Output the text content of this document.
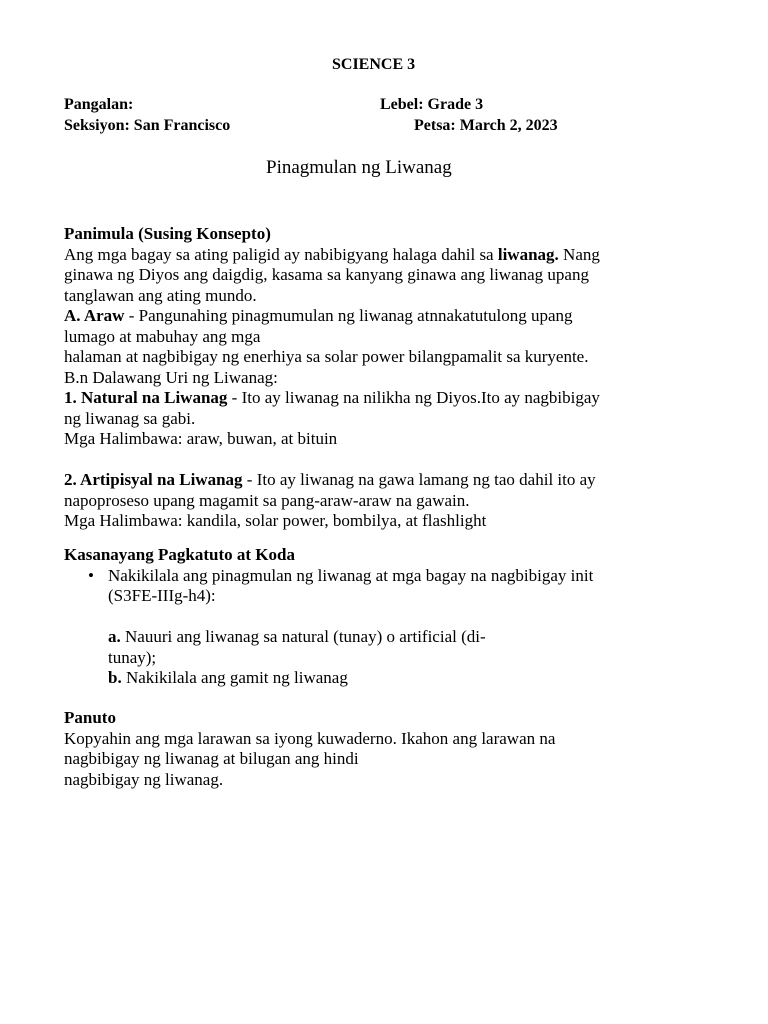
SCIENCE 3
Pangalan:	Lebel: Grade 3
Seksiyon: San Francisco	Petsa: March 2, 2023
Pinagmulan ng Liwanag
Panimula (Susing Konsepto)
Ang mga bagay sa ating paligid ay nabibigyang halaga dahil sa liwanag. Nang
ginawa ng Diyos ang daigdig, kasama sa kanyang ginawa ang liwanag upang
tanglawan ang ating mundo.
A. Araw - Pangunahing pinagmumulan ng liwanag atnnakatutulong upang
lumago at mabuhay ang mga
halaman at nagbibigay ng enerhiya sa solar power bilangpamalit sa kuryente.
B.n Dalawang Uri ng Liwanag:
1. Natural na Liwanag - Ito ay liwanag na nilikha ng Diyos.Ito ay nagbibigay
ng liwanag sa gabi.
Mga Halimbawa: araw, buwan, at bituin
2. Artipisyal na Liwanag - Ito ay liwanag na gawa lamang ng tao dahil ito ay
napoproseso upang magamit sa pang-araw-araw na gawain.
Mga Halimbawa: kandila, solar power, bombilya, at flashlight
Kasanayang Pagkatuto at Koda
• Nakikilala ang pinagmulan ng liwanag at mga bagay na nagbibigay init
(S3FE-IIIg-h4):
a. Nauuri ang liwanag sa natural (tunay) o artificial (di-
tunay);
b. Nakikilala ang gamit ng liwanag
Panuto
Kopyahin ang mga larawan sa iyong kuwaderno. Ikahon ang larawan na
nagbibigay ng liwanag at bilugan ang hindi
nagbibigay ng liwanag.
